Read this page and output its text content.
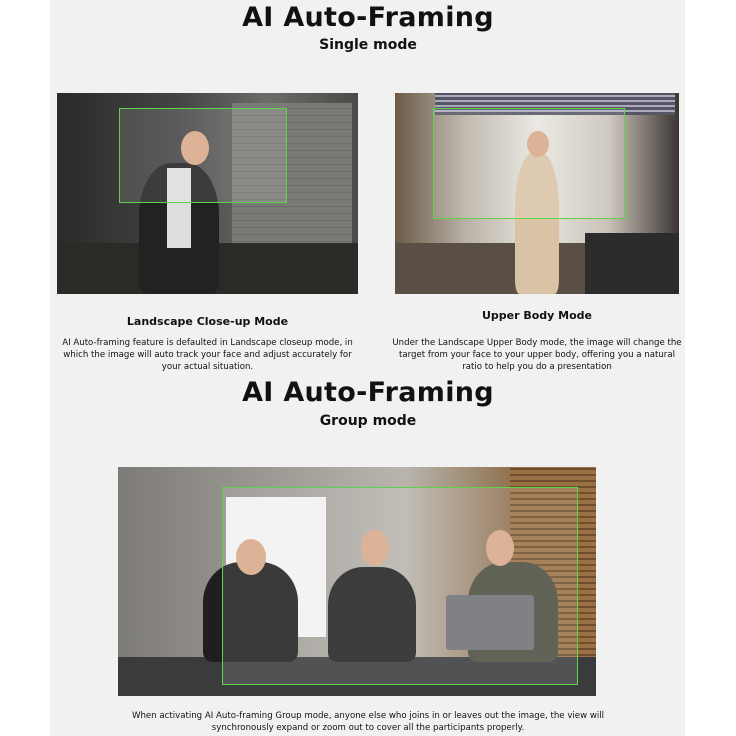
AI Auto-Framing
Single mode
Landscape Close-up Mode
AI Auto-framing feature is defaulted in Landscape closeup mode, in which the image will auto track your face and adjust accurately for your actual situation.
Upper Body Mode
Under the Landscape Upper Body mode, the image will change the target from your face to your upper body, offering you a natural ratio to help you do a presentation
AI Auto-Framing
Group mode
When activating AI Auto-framing Group mode, anyone else who joins in or leaves out the image, the view will synchronously expand or zoom out to cover all the participants properly.
